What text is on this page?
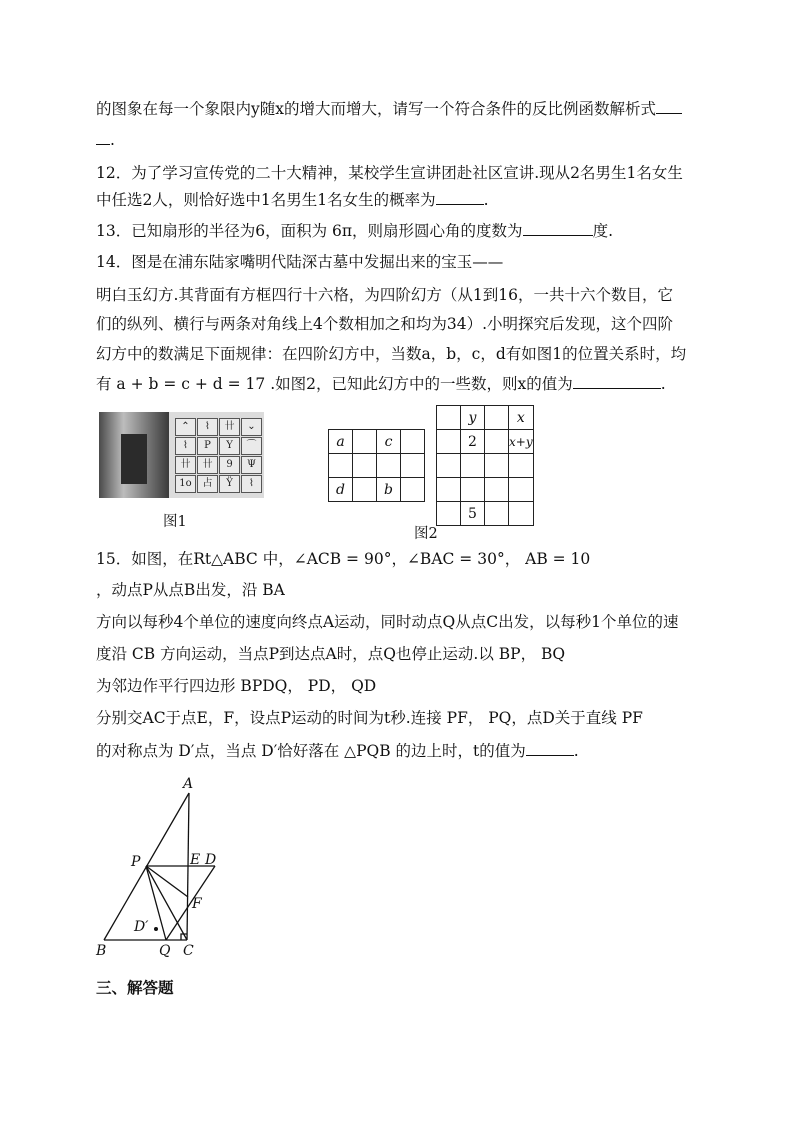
的图象在每一个象限内y随x的增大而增大，请写一个符合条件的反比例函数解析式
.
12．为了学习宣传党的二十大精神，某校学生宣讲团赴社区宣讲.现从2名男生1名女生
中任选2人，则恰好选中1名男生1名女生的概率为	.
13．已知扇形的半径为6，面积为 6π，则扇形圆心角的度数为	度.
14．图是在浦东陆家嘴明代陆深古墓中发掘出来的宝玉——
明白玉幻方.其背面有方框四行十六格，为四阶幻方（从1到16，一共十六个数目，它
们的纵列、横行与两条对角线上4个数相加之和均为34）.小明探究后发现，这个四阶
幻方中的数满足下面规律：在四阶幻方中，当数a，b，c，d有如图1的位置关系时，均
有 a + b = c + d = 17 .如图2，已知此幻方中的一些数，则x的值为	.
⌃	⌇	卄	⌄
⌇	P	Y	⌒
卄	卄	9	Ψ
1o	占	Ÿ	⌇
图1
a		c	

d		b	
	y		x
	2		x+y

	5		
图2
15．如图，在Rt△ABC 中，∠ACB = 90°，∠BAC = 30°， AB = 10
，动点P从点B出发，沿 BA
方向以每秒4个单位的速度向终点A运动，同时动点Q从点C出发，以每秒1个单位的速
度沿 CB 方向运动，当点P到达点A时，点Q也停止运动.以 BP， BQ
为邻边作平行四边形 BPDQ， PD， QD
分别交AC于点E，F，设点P运动的时间为t秒.连接 PF， PQ，点D关于直线 PF
的对称点为 D′点，当点 D′恰好落在 △PQB 的边上时，t的值为	.
A
P	E D
F
D′
B	Q C
三、解答题
